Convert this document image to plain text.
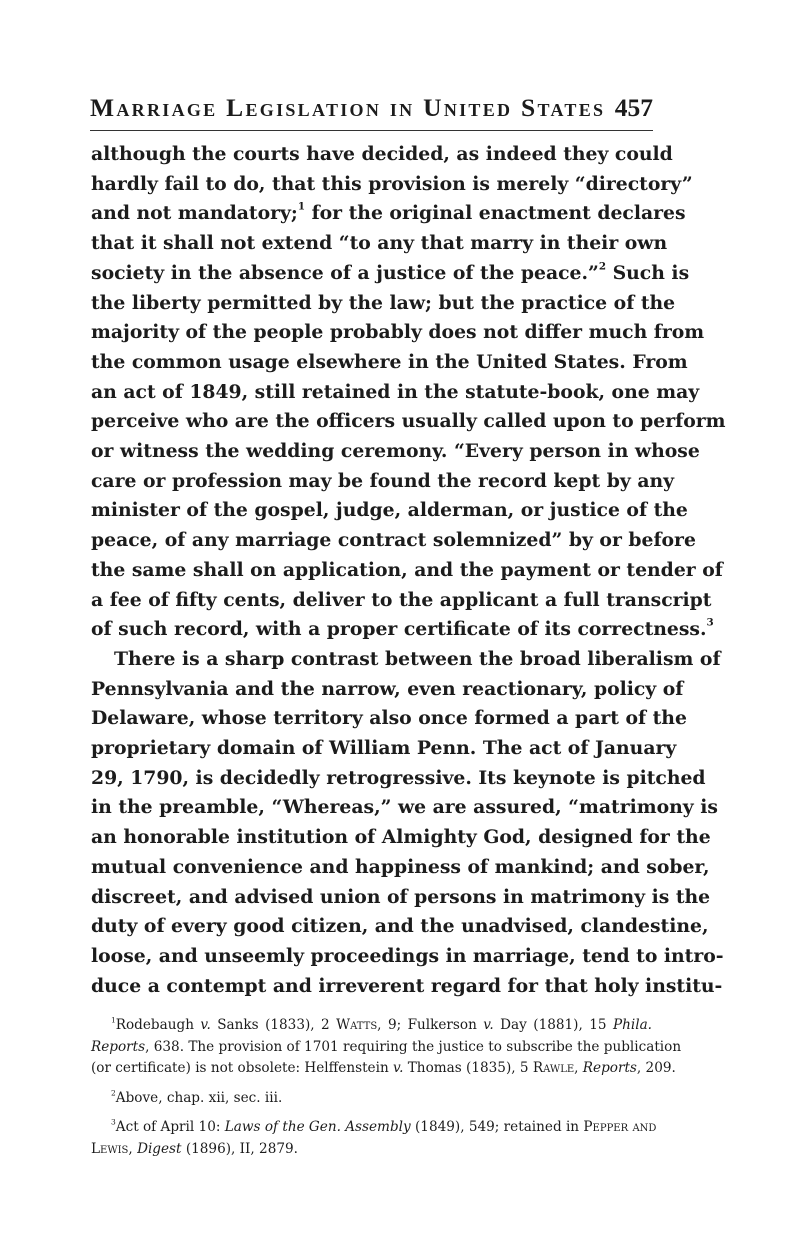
Marriage Legislation in United States 457
although the courts have decided, as indeed they could
hardly fail to do, that this provision is merely “directory”
and not mandatory;$^1$ for the original enactment declares
that it shall not extend “to any that marry in their own
society in the absence of a justice of the peace.”$^2$ Such is
the liberty permitted by the law; but the practice of the
majority of the people probably does not differ much from
the common usage elsewhere in the United States. From
an act of 1849, still retained in the statute-book, one may
perceive who are the officers usually called upon to perform
or witness the wedding ceremony. “Every person in whose
care or profession may be found the record kept by any
minister of the gospel, judge, alderman, or justice of the
peace, of any marriage contract solemnized” by or before
the same shall on application, and the payment or tender of
a fee of fifty cents, deliver to the applicant a full transcript
of such record, with a proper certificate of its correctness.$^3$
There is a sharp contrast between the broad liberalism of
Pennsylvania and the narrow, even reactionary, policy of
Delaware, whose territory also once formed a part of the
proprietary domain of William Penn. The act of January
29, 1790, is decidedly retrogressive. Its keynote is pitched
in the preamble, “Whereas,” we are assured, “matrimony is
an honorable institution of Almighty God, designed for the
mutual convenience and happiness of mankind; and sober,
discreet, and advised union of persons in matrimony is the
duty of every good citizen, and the unadvised, clandestine,
loose, and unseemly proceedings in marriage, tend to intro-
duce a contempt and irreverent regard for that holy institu-
$^1$Rodebaugh v. Sanks (1833), 2 Watts, 9; Fulkerson v. Day (1881), 15 Phila.
Reports, 638. The provision of 1701 requiring the justice to subscribe the publication
(or certificate) is not obsolete: Helffenstein v. Thomas (1835), 5 Rawle, Reports, 209.
$^2$Above, chap. xii, sec. iii.
$^3$Act of April 10: Laws of the Gen. Assembly (1849), 549; retained in Pepper and
Lewis, Digest (1896), II, 2879.
